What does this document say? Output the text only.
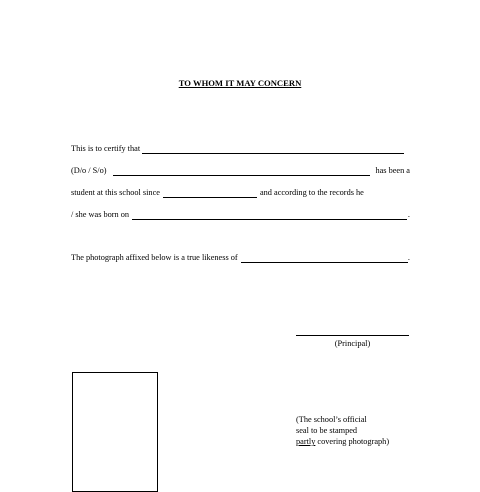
TO WHOM IT MAY CONCERN
This is to certify that
(D/o / S/o)	has been a
student at this school since	and according to the records he
/ she was born on	.
The photograph affixed below is a true likeness of	.
(Principal)
(The school’s official
seal to be stamped
partly covering photograph)
